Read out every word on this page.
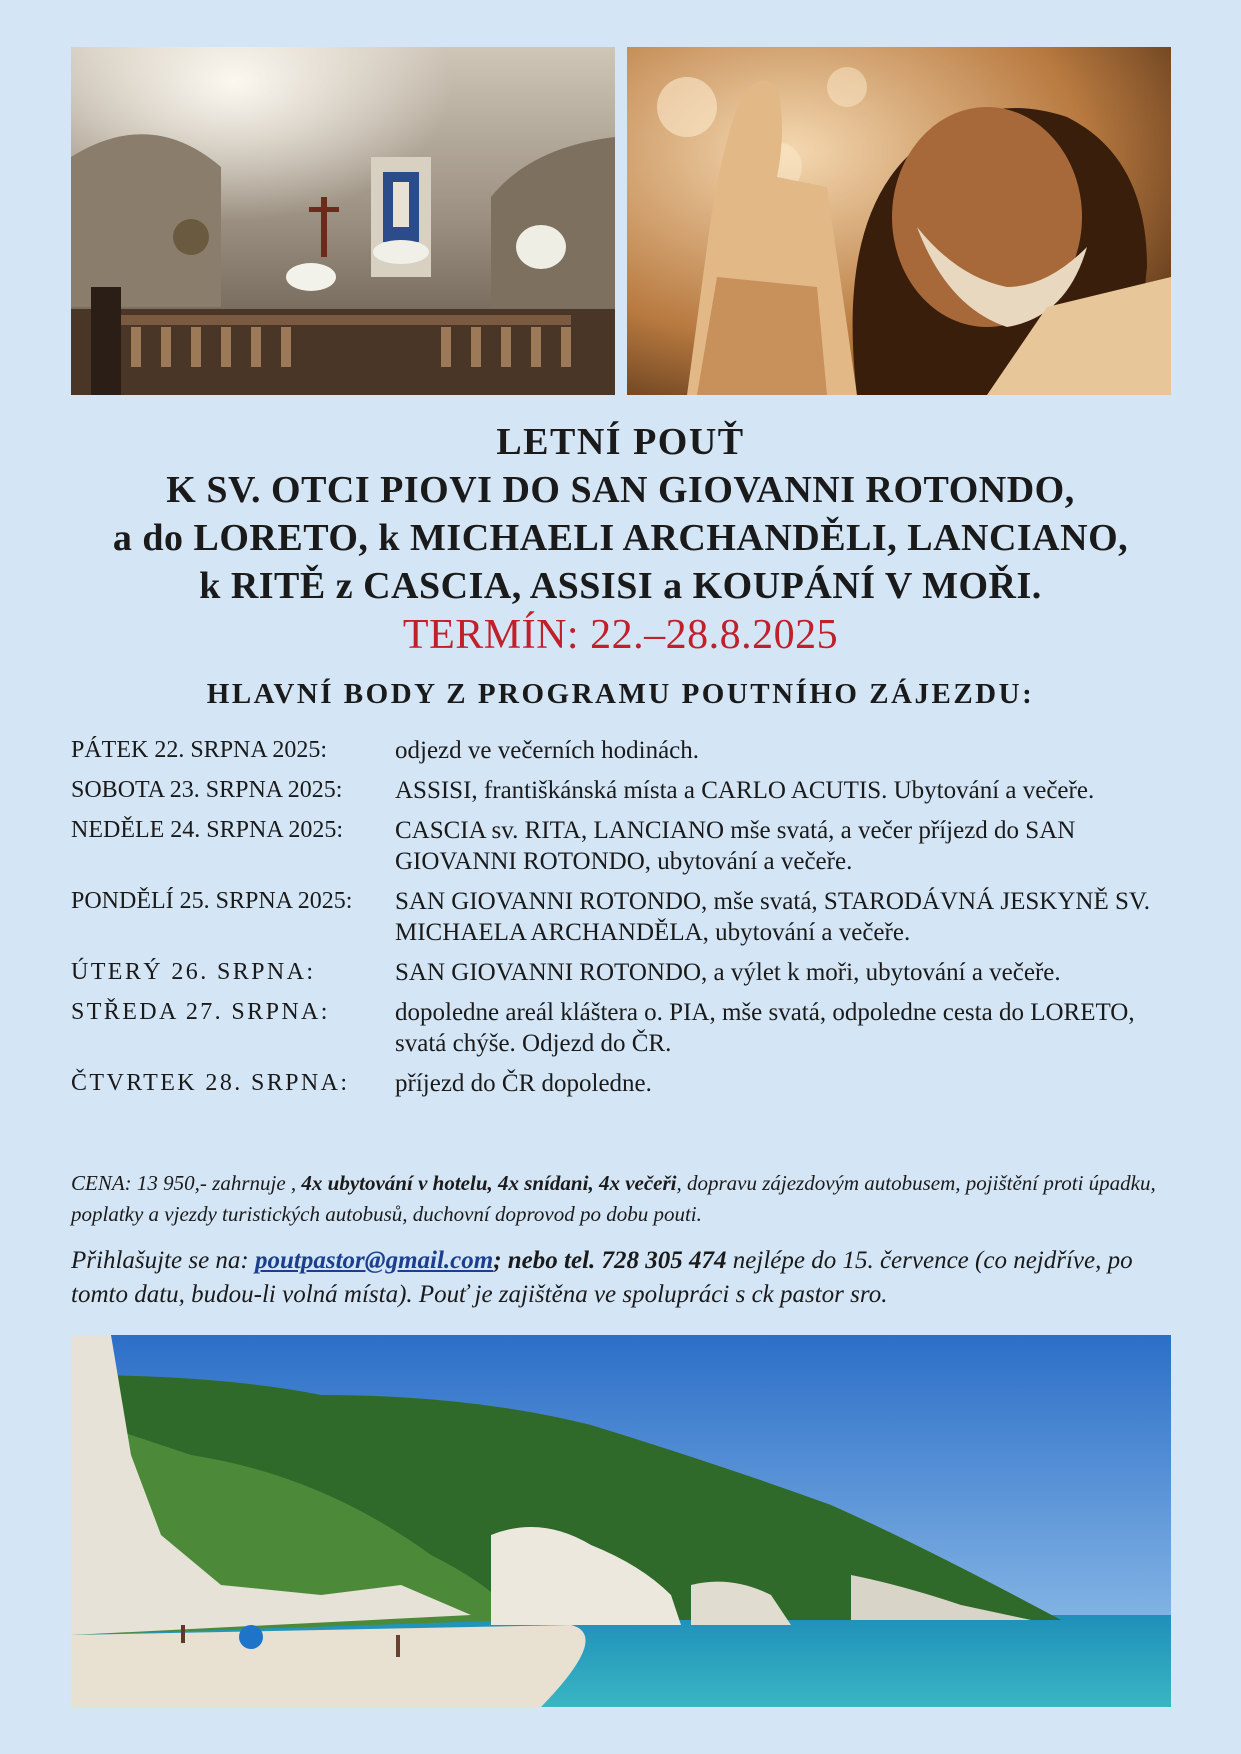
LETNÍ POUŤ
K SV. OTCI PIOVI DO SAN GIOVANNI ROTONDO,
a do LORETO, k MICHAELI ARCHANDĚLI, LANCIANO,
k RITĚ z CASCIA, ASSISI a KOUPÁNÍ V MOŘI.
TERMÍN: 22.–28.8.2025
HLAVNÍ BODY Z PROGRAMU POUTNÍHO ZÁJEZDU:
PÁTEK 22. SRPNA 2025:	odjezd ve večerních hodinách.
SOBOTA 23. SRPNA 2025:	ASSISI, františkánská místa a CARLO ACUTIS. Ubytování a večeře.
NEDĚLE 24. SRPNA 2025:	CASCIA sv. RITA, LANCIANO mše svatá, a večer příjezd do SAN GIOVANNI ROTONDO, ubytování a večeře.
PONDĚLÍ 25. SRPNA 2025:	SAN GIOVANNI ROTONDO, mše svatá, STARODÁVNÁ JESKYNĚ SV. MICHAELA ARCHANDĚLA, ubytování a večeře.
ÚTERÝ 26. SRPNA:	SAN GIOVANNI ROTONDO, a výlet k moři, ubytování a večeře.
STŘEDA 27. SRPNA:	dopoledne areál kláštera o. PIA, mše svatá, odpoledne cesta do LORETO, svatá chýše. Odjezd do ČR.
ČTVRTEK 28. SRPNA:	příjezd do ČR dopoledne.
CENA: 13 950,- zahrnuje , 4x ubytování v hotelu, 4x snídani, 4x večeři, dopravu zájezdovým autobusem, pojištění proti úpadku, poplatky a vjezdy turistických autobusů, duchovní doprovod po dobu pouti.
Přihlašujte se na: poutpastor@gmail.com; nebo tel. 728 305 474 nejlépe do 15. července (co nejdříve, po tomto datu, budou-li volná místa). Pouť je zajištěna ve spolupráci s ck pastor sro.
